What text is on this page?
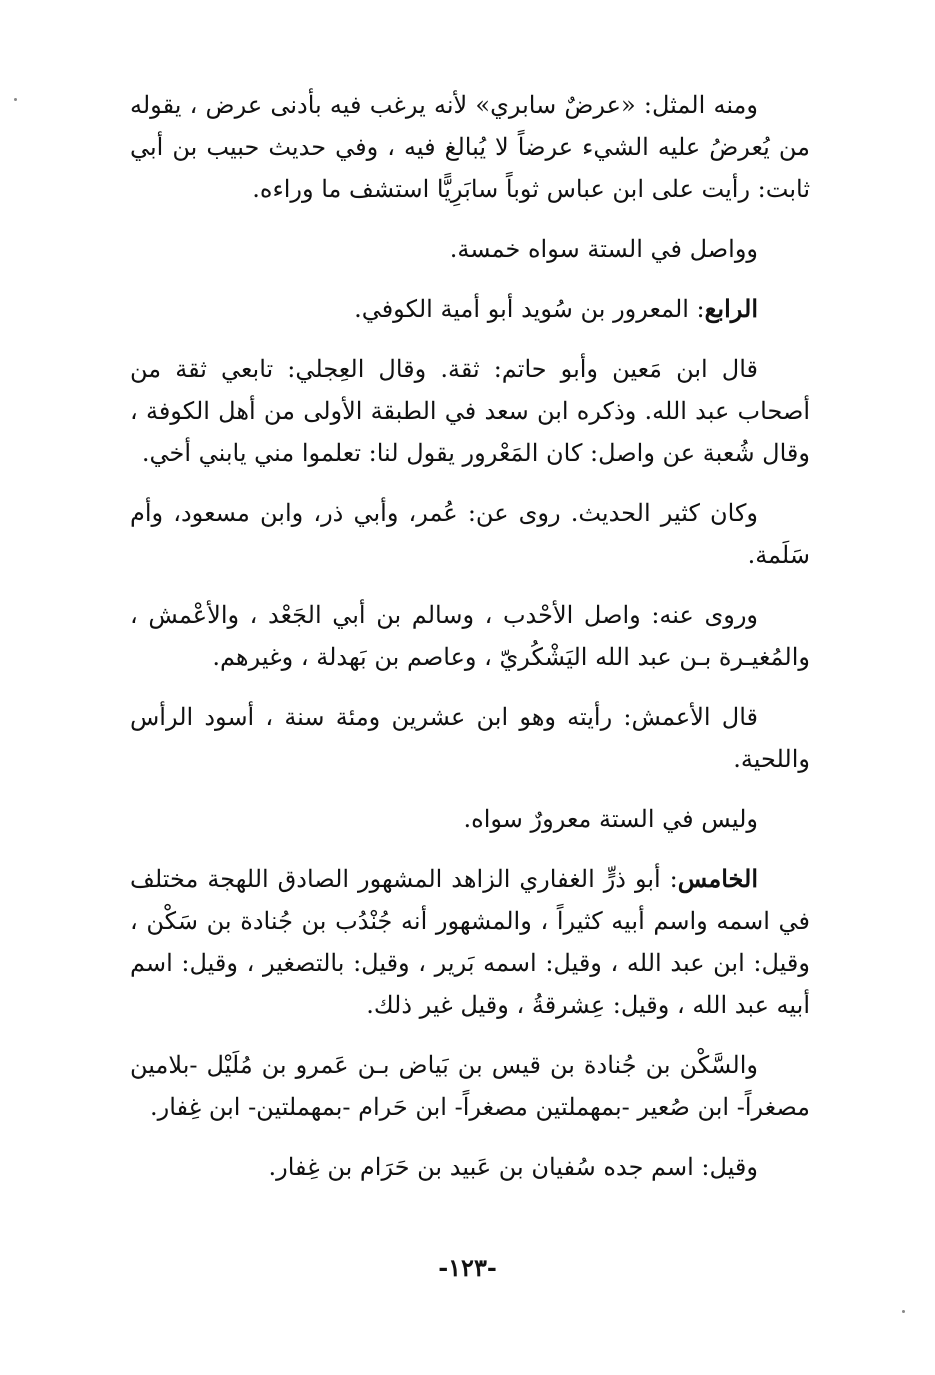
ومنه المثل: «عرضٌ سابري» لأنه يرغب فيه بأدنى عرض ، يقوله من يُعرضُ عليه الشيء عرضاً لا يُبالغ فيه ، وفي حديث حبيب بن أبي ثابت: رأيت على ابن عباس ثوباً سابَرِيًّا استشف ما وراءه.

وواصل في الستة سواه خمسة.

الرابع: المعرور بن سُويد أبو أمية الكوفي.

قال ابن مَعين وأبو حاتم: ثقة. وقال العِجلي: تابعي ثقة من أصحاب عبد الله. وذكره ابن سعد في الطبقة الأولى من أهل الكوفة ، وقال شُعبة عن واصل: كان المَعْرور يقول لنا: تعلموا مني يابني أخي.

وكان كثير الحديث. روى عن: عُمر، وأبي ذر، وابن مسعود، وأم سَلَمة.

وروى عنه: واصل الأحْدب ، وسالم بن أبي الجَعْد ، والأعْمش ، والمُغيـرة بـن عبد الله اليَشْكُريّ ، وعاصم بن بَهدلة ، وغيرهم.

قال الأعمش: رأيته وهو ابن عشرين ومئة سنة ، أسود الرأس واللحية.

وليس في الستة معرورٌ سواه.

الخامس: أبو ذرٍّ الغفاري الزاهد المشهور الصادق اللهجة مختلف في اسمه واسم أبيه كثيراً ، والمشهور أنه جُنْدُب بن جُنادة بن سَكْن ، وقيل: ابن عبد الله ، وقيل: اسمه بَرير ، وقيل: بالتصغير ، وقيل: اسم أبيه عبد الله ، وقيل: عِشرقةُ ، وقيل غير ذلك.

والسَّكْن بن جُنادة بن قيس بن بَياض بـن عَمرو بن مُلَيْل -بلامين مصغراً- ابن صُعير -بمهملتين مصغراً- ابن حَرام -بمهملتين- ابن غِفار.

وقيل: اسم جده سُفيان بن عَبيد بن حَرَام بن غِفار.

-١٢٣-
